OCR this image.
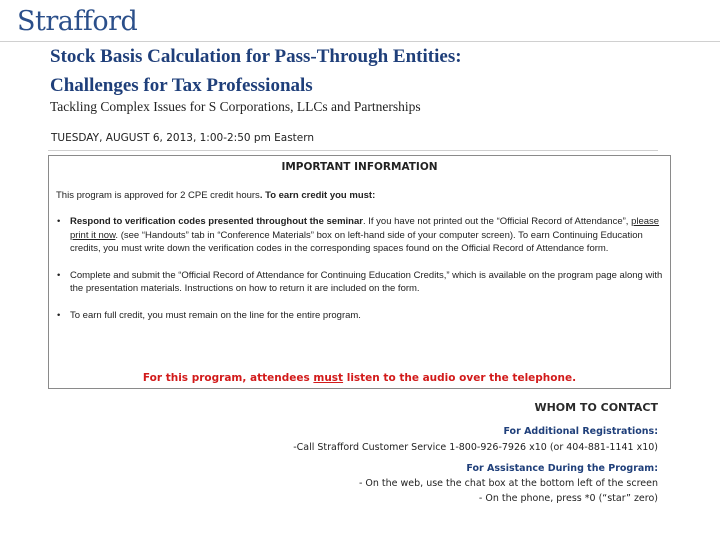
Strafford
Stock Basis Calculation for Pass-Through Entities:
Challenges for Tax Professionals
Tackling Complex Issues for S Corporations, LLCs and Partnerships
TUESDAY, AUGUST 6, 2013, 1:00-2:50 pm Eastern
IMPORTANT INFORMATION
This program is approved for 2 CPE credit hours. To earn credit you must:
• Respond to verification codes presented throughout the seminar. If you have not printed out the “Official Record of Attendance”, please print it now. (see “Handouts” tab in “Conference Materials” box on left-hand side of your computer screen). To earn Continuing Education credits, you must write down the verification codes in the corresponding spaces found on the Official Record of Attendance form.
• Complete and submit the “Official Record of Attendance for Continuing Education Credits,” which is available on the program page along with the presentation materials. Instructions on how to return it are included on the form.
• To earn full credit, you must remain on the line for the entire program.
For this program, attendees must listen to the audio over the telephone.
WHOM TO CONTACT
For Additional Registrations:
-Call Strafford Customer Service 1-800-926-7926 x10 (or 404-881-1141 x10)
For Assistance During the Program:
- On the web, use the chat box at the bottom left of the screen
- On the phone, press *0 (“star” zero)
